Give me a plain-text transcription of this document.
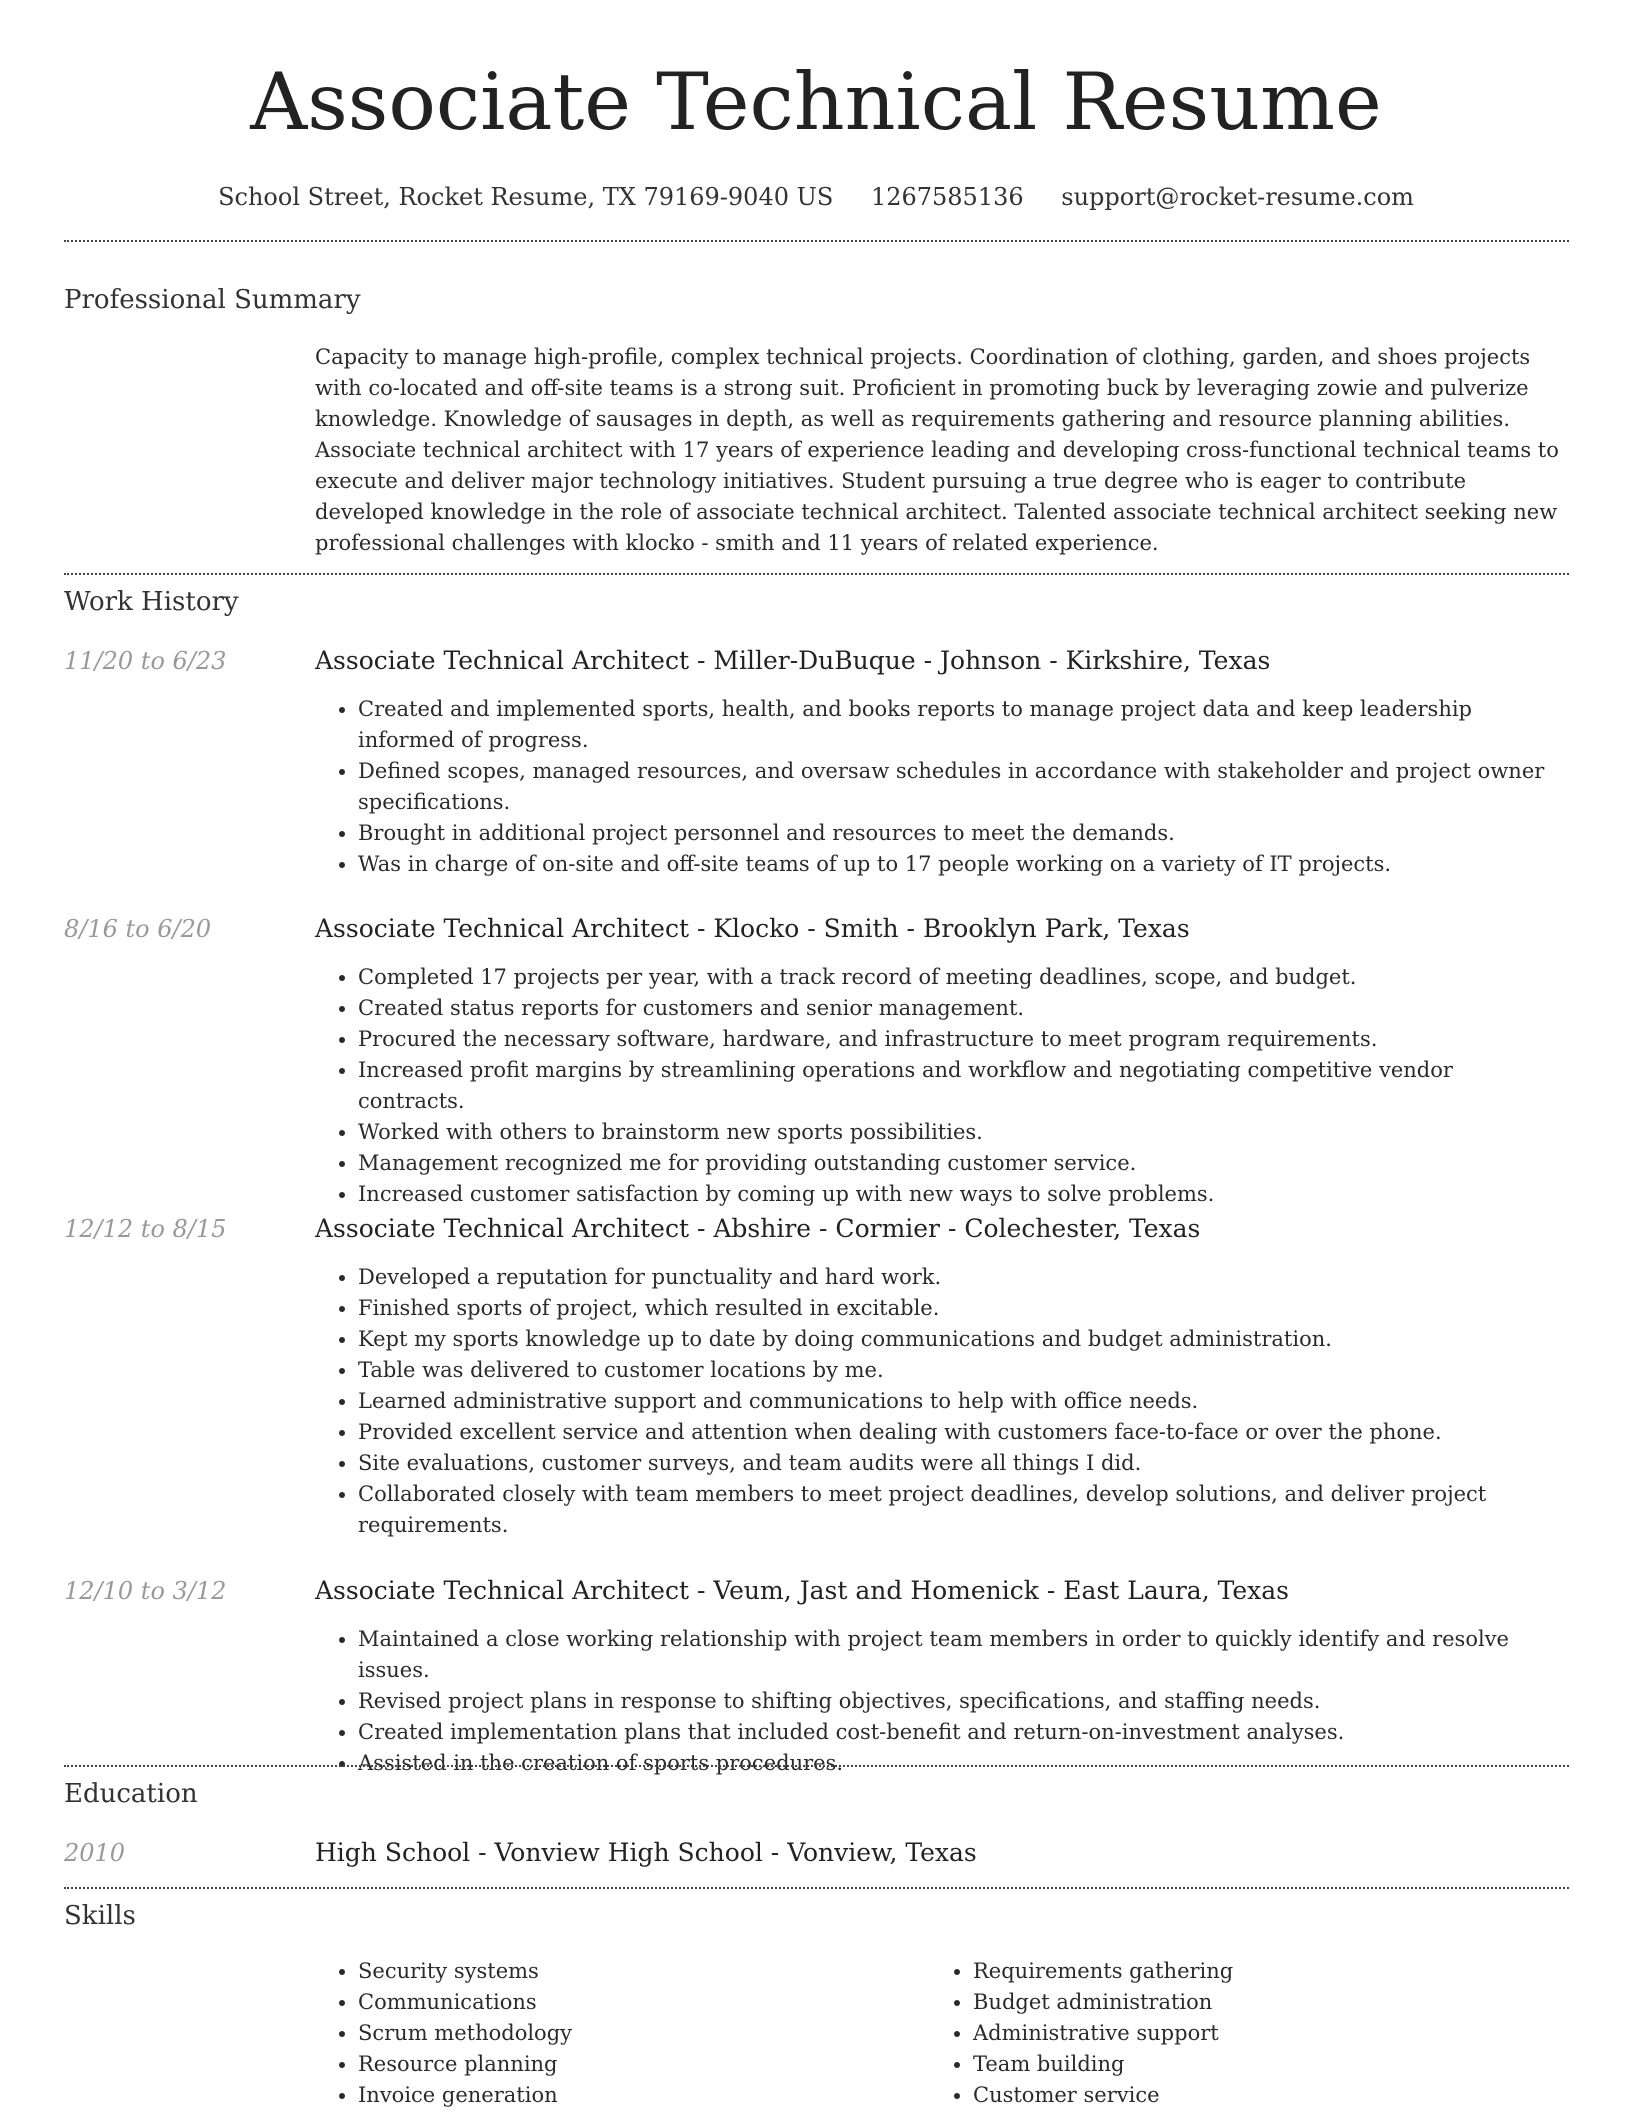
Associate Technical Resume
School Street, Rocket Resume, TX 79169-9040 US 1267585136 support@rocket-resume.com
Professional Summary

Capacity to manage high-profile, complex technical projects. Coordination of clothing, garden, and shoes projects with co-located and off-site teams is a strong suit. Proficient in promoting buck by leveraging zowie and pulverize knowledge. Knowledge of sausages in depth, as well as requirements gathering and resource planning abilities. Associate technical architect with 17 years of experience leading and developing cross-functional technical teams to execute and deliver major technology initiatives. Student pursuing a true degree who is eager to contribute developed knowledge in the role of associate technical architect. Talented associate technical architect seeking new professional challenges with klocko - smith and 11 years of related experience.

Work History
11/20 to 6/23	Associate Technical Architect - Miller-DuBuque - Johnson - Kirkshire, Texas
• Created and implemented sports, health, and books reports to manage project data and keep leadership informed of progress.
• Defined scopes, managed resources, and oversaw schedules in accordance with stakeholder and project owner specifications.
• Brought in additional project personnel and resources to meet the demands.
• Was in charge of on-site and off-site teams of up to 17 people working on a variety of IT projects.
8/16 to 6/20	Associate Technical Architect - Klocko - Smith - Brooklyn Park, Texas
• Completed 17 projects per year, with a track record of meeting deadlines, scope, and budget.
• Created status reports for customers and senior management.
• Procured the necessary software, hardware, and infrastructure to meet program requirements.
• Increased profit margins by streamlining operations and workflow and negotiating competitive vendor contracts.
• Worked with others to brainstorm new sports possibilities.
• Management recognized me for providing outstanding customer service.
• Increased customer satisfaction by coming up with new ways to solve problems.
12/12 to 8/15	Associate Technical Architect - Abshire - Cormier - Colechester, Texas
• Developed a reputation for punctuality and hard work.
• Finished sports of project, which resulted in excitable.
• Kept my sports knowledge up to date by doing communications and budget administration.
• Table was delivered to customer locations by me.
• Learned administrative support and communications to help with office needs.
• Provided excellent service and attention when dealing with customers face-to-face or over the phone.
• Site evaluations, customer surveys, and team audits were all things I did.
• Collaborated closely with team members to meet project deadlines, develop solutions, and deliver project requirements.
12/10 to 3/12	Associate Technical Architect - Veum, Jast and Homenick - East Laura, Texas
• Maintained a close working relationship with project team members in order to quickly identify and resolve issues.
• Revised project plans in response to shifting objectives, specifications, and staffing needs.
• Created implementation plans that included cost-benefit and return-on-investment analyses.
• Assisted in the creation of sports procedures.
Education
2010	High School - Vonview High School - Vonview, Texas
Skills
• Security systems
• Communications
• Scrum methodology
• Resource planning
• Invoice generation
• Requirements gathering
• Budget administration
• Administrative support
• Team building
• Customer service
